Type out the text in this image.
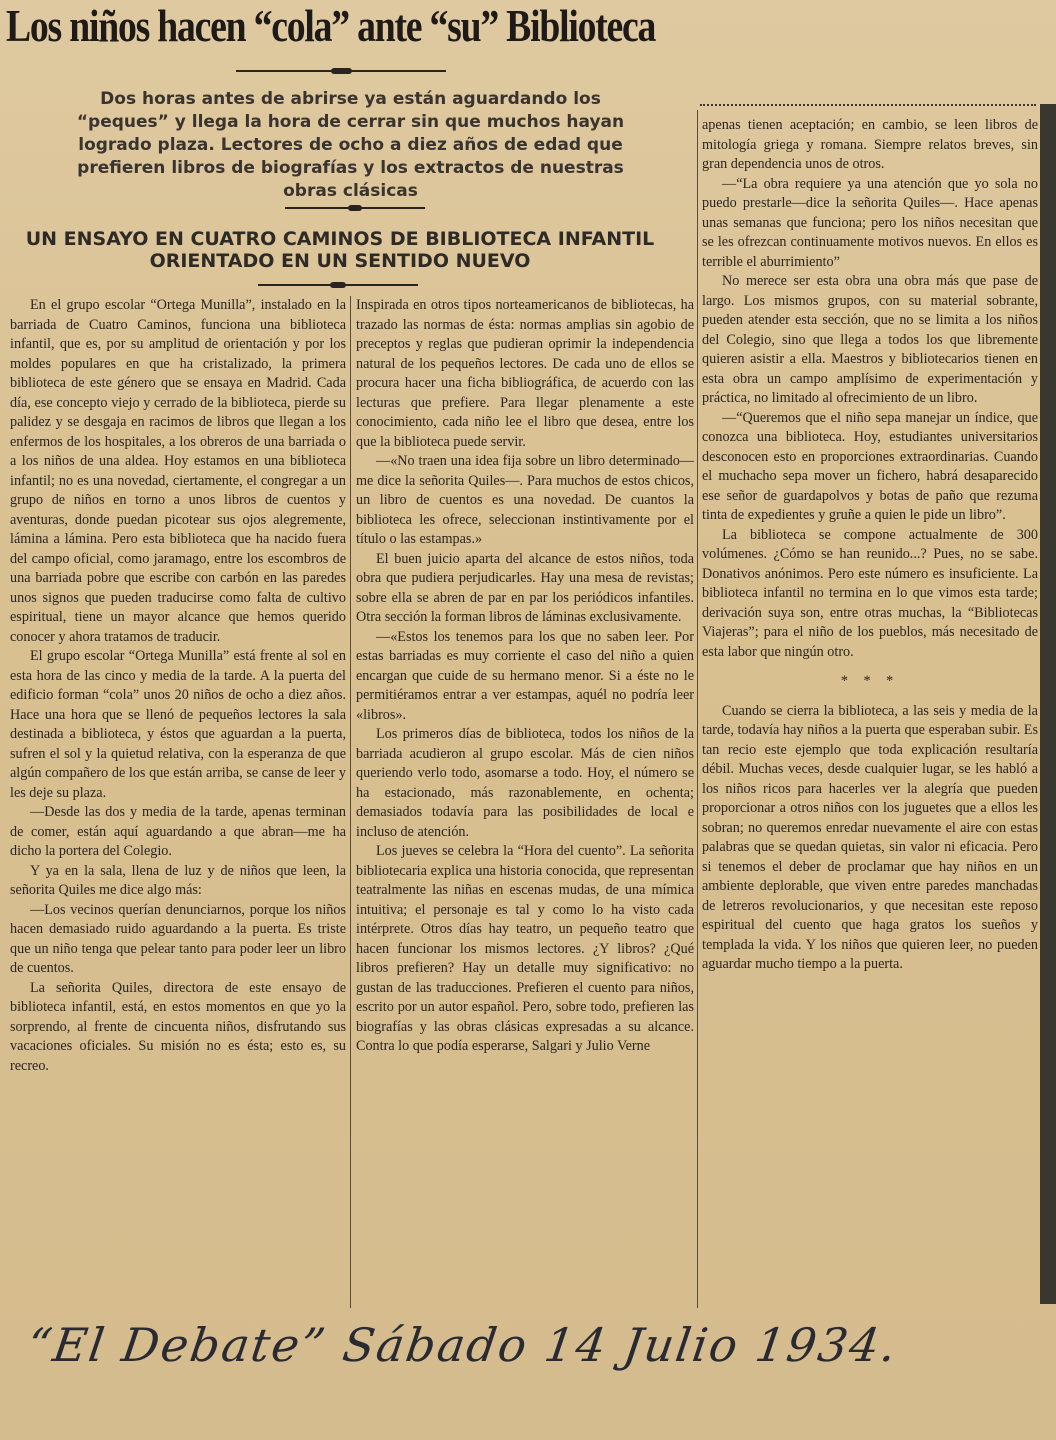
Los niños hacen “cola” ante “su” Biblioteca
Dos horas antes de abrirse ya están aguardando los “peques” y llega la hora de cerrar sin que muchos hayan logrado plaza. Lectores de ocho a diez años de edad que prefieren libros de biografías y los extractos de nuestras obras clásicas
UN ENSAYO EN CUATRO CAMINOS DE BIBLIOTECA INFANTIL ORIENTADO EN UN SENTIDO NUEVO

En el grupo escolar “Ortega Munilla”, instalado en la barriada de Cuatro Caminos, funciona una biblioteca infantil, que es, por su amplitud de orientación y por los moldes populares en que ha cristalizado, la primera biblioteca de este género que se ensaya en Madrid. Cada día, ese concepto viejo y cerrado de la biblioteca, pierde su palidez y se desgaja en racimos de libros que llegan a los enfermos de los hospitales, a los obreros de una barriada o a los niños de una aldea. Hoy estamos en una biblioteca infantil; no es una novedad, ciertamente, el congregar a un grupo de niños en torno a unos libros de cuentos y aventuras, donde puedan picotear sus ojos alegremente, lámina a lámina. Pero esta biblioteca que ha nacido fuera del campo oficial, como jaramago, entre los escombros de una barriada pobre que escribe con carbón en las paredes unos signos que pueden traducirse como falta de cultivo espiritual, tiene un mayor alcance que hemos querido conocer y ahora tratamos de traducir.

El grupo escolar “Ortega Munilla” está frente al sol en esta hora de las cinco y media de la tarde. A la puerta del edificio forman “cola” unos 20 niños de ocho a diez años. Hace una hora que se llenó de pequeños lectores la sala destinada a biblioteca, y éstos que aguardan a la puerta, sufren el sol y la quietud relativa, con la esperanza de que algún compañero de los que están arriba, se canse de leer y les deje su plaza.

—Desde las dos y media de la tarde, apenas terminan de comer, están aquí aguardando a que abran—me ha dicho la portera del Colegio.

Y ya en la sala, llena de luz y de niños que leen, la señorita Quiles me dice algo más:

—Los vecinos querían denunciarnos, porque los niños hacen demasiado ruido aguardando a la puerta. Es triste que un niño tenga que pelear tanto para poder leer un libro de cuentos.

La señorita Quiles, directora de este ensayo de biblioteca infantil, está, en estos momentos en que yo la sorprendo, al frente de cincuenta niños, disfrutando sus vacaciones oficiales. Su misión no es ésta; esto es, su recreo.

Inspirada en otros tipos norteamericanos de bibliotecas, ha trazado las normas de ésta: normas amplias sin agobio de preceptos y reglas que pudieran oprimir la independencia natural de los pequeños lectores. De cada uno de ellos se procura hacer una ficha bibliográfica, de acuerdo con las lecturas que prefiere. Para llegar plenamente a este conocimiento, cada niño lee el libro que desea, entre los que la biblioteca puede servir.

—«No traen una idea fija sobre un libro determinado—me dice la señorita Quiles—. Para muchos de estos chicos, un libro de cuentos es una novedad. De cuantos la biblioteca les ofrece, seleccionan instintivamente por el título o las estampas.»

El buen juicio aparta del alcance de estos niños, toda obra que pudiera perjudicarles. Hay una mesa de revistas; sobre ella se abren de par en par los periódicos infantiles. Otra sección la forman libros de láminas exclusivamente.

—«Estos los tenemos para los que no saben leer. Por estas barriadas es muy corriente el caso del niño a quien encargan que cuide de su hermano menor. Si a éste no le permitiéramos entrar a ver estampas, aquél no podría leer «libros».

Los primeros días de biblioteca, todos los niños de la barriada acudieron al grupo escolar. Más de cien niños queriendo verlo todo, asomarse a todo. Hoy, el número se ha estacionado, más razonablemente, en ochenta; demasiados todavía para las posibilidades de local e incluso de atención.

Los jueves se celebra la “Hora del cuento”. La señorita bibliotecaria explica una historia conocida, que representan teatralmente las niñas en escenas mudas, de una mímica intuitiva; el personaje es tal y como lo ha visto cada intérprete. Otros días hay teatro, un pequeño teatro que hacen funcionar los mismos lectores. ¿Y libros? ¿Qué libros prefieren? Hay un detalle muy significativo: no gustan de las traducciones. Prefieren el cuento para niños, escrito por un autor español. Pero, sobre todo, prefieren las biografías y las obras clásicas expresadas a su alcance. Contra lo que podía esperarse, Salgari y Julio Verne

apenas tienen aceptación; en cambio, se leen libros de mitología griega y romana. Siempre relatos breves, sin gran dependencia unos de otros.

—“La obra requiere ya una atención que yo sola no puedo prestarle—dice la señorita Quiles—. Hace apenas unas semanas que funciona; pero los niños necesitan que se les ofrezcan continuamente motivos nuevos. En ellos es terrible el aburrimiento”

No merece ser esta obra una obra más que pase de largo. Los mismos grupos, con su material sobrante, pueden atender esta sección, que no se limita a los niños del Colegio, sino que llega a todos los que libremente quieren asistir a ella. Maestros y bibliotecarios tienen en esta obra un campo amplísimo de experimentación y práctica, no limitado al ofrecimiento de un libro.

—“Queremos que el niño sepa manejar un índice, que conozca una biblioteca. Hoy, estudiantes universitarios desconocen esto en proporciones extraordinarias. Cuando el muchacho sepa mover un fichero, habrá desaparecido ese señor de guardapolvos y botas de paño que rezuma tinta de expedientes y gruñe a quien le pide un libro”.

La biblioteca se compone actualmente de 300 volúmenes. ¿Cómo se han reunido...? Pues, no se sabe. Donativos anónimos. Pero este número es insuficiente. La biblioteca infantil no termina en lo que vimos esta tarde; derivación suya son, entre otras muchas, la “Bibliotecas Viajeras”; para el niño de los pueblos, más necesitado de esta labor que ningún otro.

* * *

Cuando se cierra la biblioteca, a las seis y media de la tarde, todavía hay niños a la puerta que esperaban subir. Es tan recio este ejemplo que toda explicación resultaría débil. Muchas veces, desde cualquier lugar, se les habló a los niños ricos para hacerles ver la alegría que pueden proporcionar a otros niños con los juguetes que a ellos les sobran; no queremos enredar nuevamente el aire con estas palabras que se quedan quietas, sin valor ni eficacia. Pero si tenemos el deber de proclamar que hay niños en un ambiente deplorable, que viven entre paredes manchadas de letreros revolucionarios, y que necesitan este reposo espiritual del cuento que haga gratos los sueños y templada la vida. Y los niños que quieren leer, no pueden aguardar mucho tiempo a la puerta.

“El Debate” Sábado 14 Julio 1934.
